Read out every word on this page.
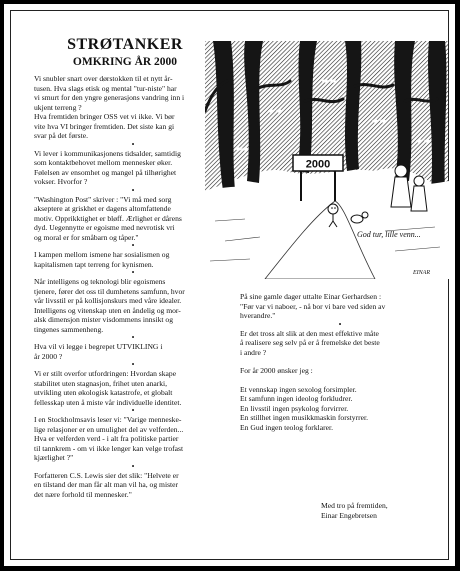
STRØTANKER
OMKRING ÅR 2000

Vi snubler snart over dørstokken til et nytt år-
tusen. Hva slags etisk og mental "tur-niste" har
vi smurt for den yngre generasjons vandring inn i
ukjent terreng ?
Hva fremtiden bringer OSS vet vi ikke. Vi bør
vite hva VI bringer fremtiden. Det siste kan gi
svar på det første.

•

Vi lever i kommunikasjonens tidsalder, samtidig
som kontaktbehovet mellom mennesker øker.
Følelsen av ensomhet og mangel på tilhørighet
vokser. Hvorfor ?

•

"Washington Post" skriver : "Vi må med sorg
akseptere at griskhet er dagens altomfattende
motiv. Opprikktighet er bløff. Ærlighet er dårens
dyd. Uegennytte er egoisme med nevrotisk vri
og moral er for småbarn og tåper."

•

I kampen mellom ismene har sosialismen og
kapitalismen tapt terreng for kynismen.

•

Når intelligens og teknologi blir egoismens
tjenere, fører det oss til dumhetens samfunn, hvor
vår livsstil er på kollisjonskurs med våre idealer.
Intelligens og vitenskap uten en åndelig og mor-
alsk dimensjon mister visdommens innsikt og
tingenes sammenheng.

•

Hva vil vi legge i begrepet UTVIKLING i
år 2000 ?

•

Vi er stilt overfor utfordringen: Hvordan skape
stabilitet uten stagnasjon, frihet uten anarki,
utvikling uten økologisk katastrofe, et globalt
fellesskap uten å miste vår individuelle identitet.

•

I en Stockholmsavis leser vi: "Varige menneske-
lige relasjoner er en umulighet del av velferden...
Hva er velferden verd - i alt fra politiske partier
til tannkrem - om vi ikke lenger kan velge trofast
kjærlighet ?"

•

Forfatteren C.S. Lewis sier det slik: "Helvete er
en tilstand der man får alt man vil ha, og mister
det nære forhold til mennesker."

2000
God tur, lille venn...
EINAR

På sine gamle dager uttalte Einar Gerhardsen :
"Før var vi naboer, - nå bor vi bare ved siden av
hverandre."

•

Er det tross alt slik at den mest effektive måte
å realisere seg selv på er å fremelske det beste
i andre ?

For år 2000 ønsker jeg :

Et vennskap ingen sexolog forsimpler.
Et samfunn ingen ideolog forkludrer.
En livsstil ingen psykolog forvirrer.
En stillhet ingen musikkmaskin forstyrrer.
En Gud ingen teolog forklarer.

Med tro på fremtiden,

Einar Engebretsen
